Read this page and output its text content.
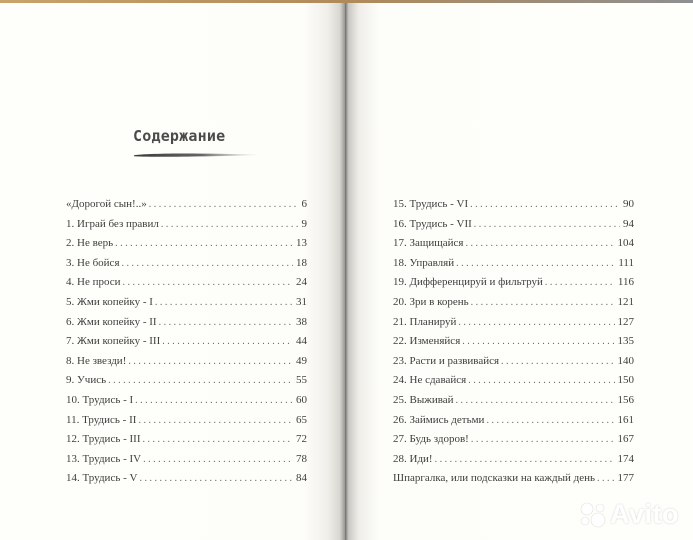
Содержание
«Дорогой сын!..» . . .	6
1. Играй без правил . . .	9
2. Не верь . . .	13
3. Не бойся . . .	18
4. Не проси . . .	24
5. Жми копейку - I . . .	31
6. Жми копейку - II . . .	38
7. Жми копейку - III . . .	44
8. Не звезди! . . .	49
9. Учись . . .	55
10. Трудись - I . . .	60
11. Трудись - II . . .	65
12. Трудись - III . . .	72
13. Трудись - IV . . .	78
14. Трудись - V . . .	84
15. Трудись - VI . . .	90
16. Трудись - VII . . .	94
17. Защищайся . . .	104
18. Управляй . . .	111
19. Дифференцируй и фильтруй . . .	116
20. Зри в корень . . .	121
21. Планируй . . .	127
22. Изменяйся . . .	135
23. Расти и развивайся . . .	140
24. Не сдавайся . . .	150
25. Выживай . . .	156
26. Займись детьми . . .	161
27. Будь здоров! . . .	167
28. Иди! . . .	174
Шпаргалка, или подсказки на каждый день . . . 177
Avito
